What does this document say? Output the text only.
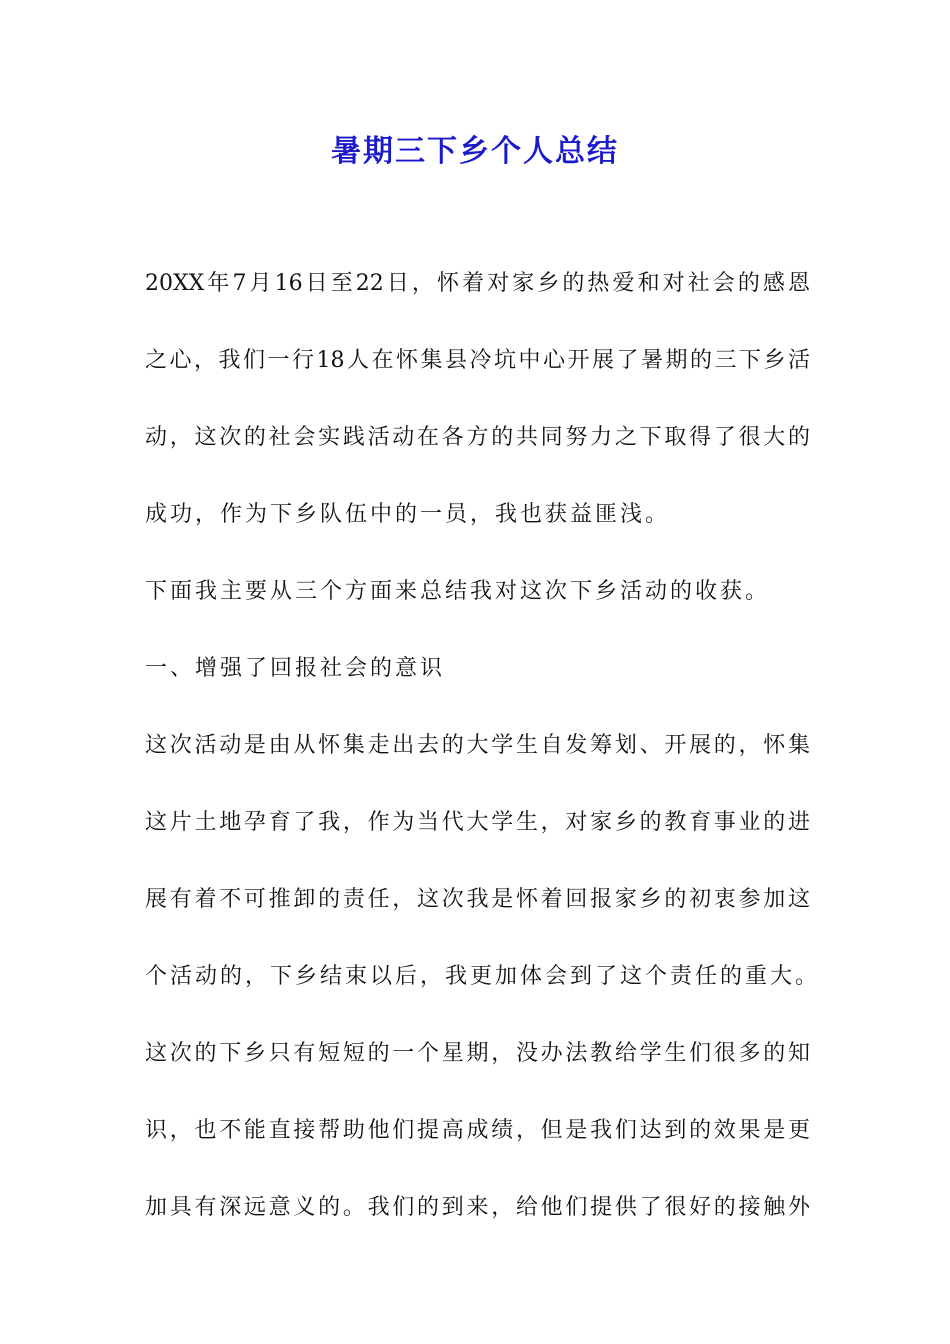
暑期三下乡个人总结
20XX年7月16日至22日，怀着对家乡的热爱和对社会的感恩
之心，我们一行18人在怀集县冷坑中心开展了暑期的三下乡活
动，这次的社会实践活动在各方的共同努力之下取得了很大的
成功，作为下乡队伍中的一员，我也获益匪浅。
下面我主要从三个方面来总结我对这次下乡活动的收获。
一、增强了回报社会的意识
这次活动是由从怀集走出去的大学生自发筹划、开展的，怀集
这片土地孕育了我，作为当代大学生，对家乡的教育事业的进
展有着不可推卸的责任，这次我是怀着回报家乡的初衷参加这
个活动的，下乡结束以后，我更加体会到了这个责任的重大。
这次的下乡只有短短的一个星期，没办法教给学生们很多的知
识，也不能直接帮助他们提高成绩，但是我们达到的效果是更
加具有深远意义的。我们的到来，给他们提供了很好的接触外
